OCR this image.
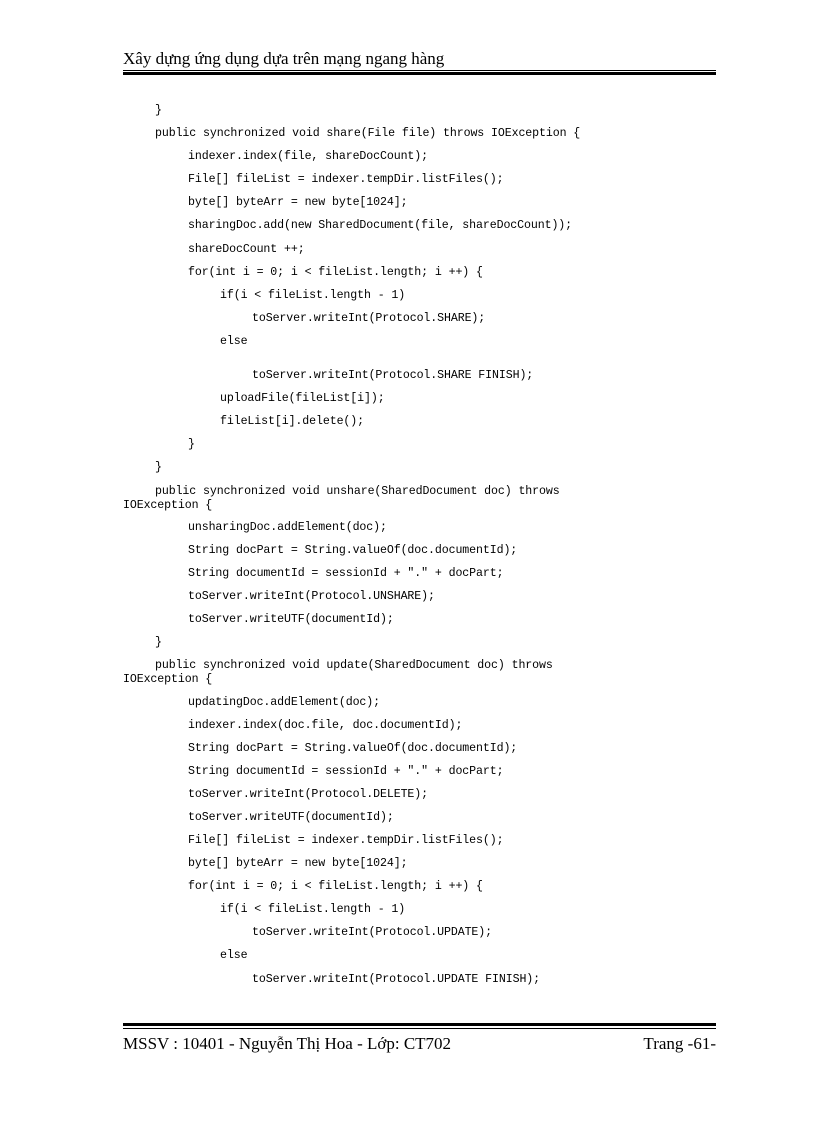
Xây dựng ứng dụng dựa trên mạng ngang hàng

}

public synchronized void share(File file) throws IOException {

indexer.index(file, shareDocCount);

File[] fileList = indexer.tempDir.listFiles();

byte[] byteArr = new byte[1024];

sharingDoc.add(new SharedDocument(file, shareDocCount));

shareDocCount ++;

for(int i = 0; i < fileList.length; i ++) {

if(i < fileList.length - 1)

toServer.writeInt(Protocol.SHARE);

else

toServer.writeInt(Protocol.SHARE FINISH);

uploadFile(fileList[i]);

fileList[i].delete();

}

}

public synchronized void unshare(SharedDocument doc) throws

IOException {

unsharingDoc.addElement(doc);

String docPart = String.valueOf(doc.documentId);

String documentId = sessionId + "." + docPart;

toServer.writeInt(Protocol.UNSHARE);

toServer.writeUTF(documentId);

}

public synchronized void update(SharedDocument doc) throws

IOException {

updatingDoc.addElement(doc);

indexer.index(doc.file, doc.documentId);

String docPart = String.valueOf(doc.documentId);

String documentId = sessionId + "." + docPart;

toServer.writeInt(Protocol.DELETE);

toServer.writeUTF(documentId);

File[] fileList = indexer.tempDir.listFiles();

byte[] byteArr = new byte[1024];

for(int i = 0; i < fileList.length; i ++) {

if(i < fileList.length - 1)

toServer.writeInt(Protocol.UPDATE);

else

toServer.writeInt(Protocol.UPDATE FINISH);

MSSV : 10401 - Nguyễn Thị Hoa - Lớp: CT702	Trang -61-
